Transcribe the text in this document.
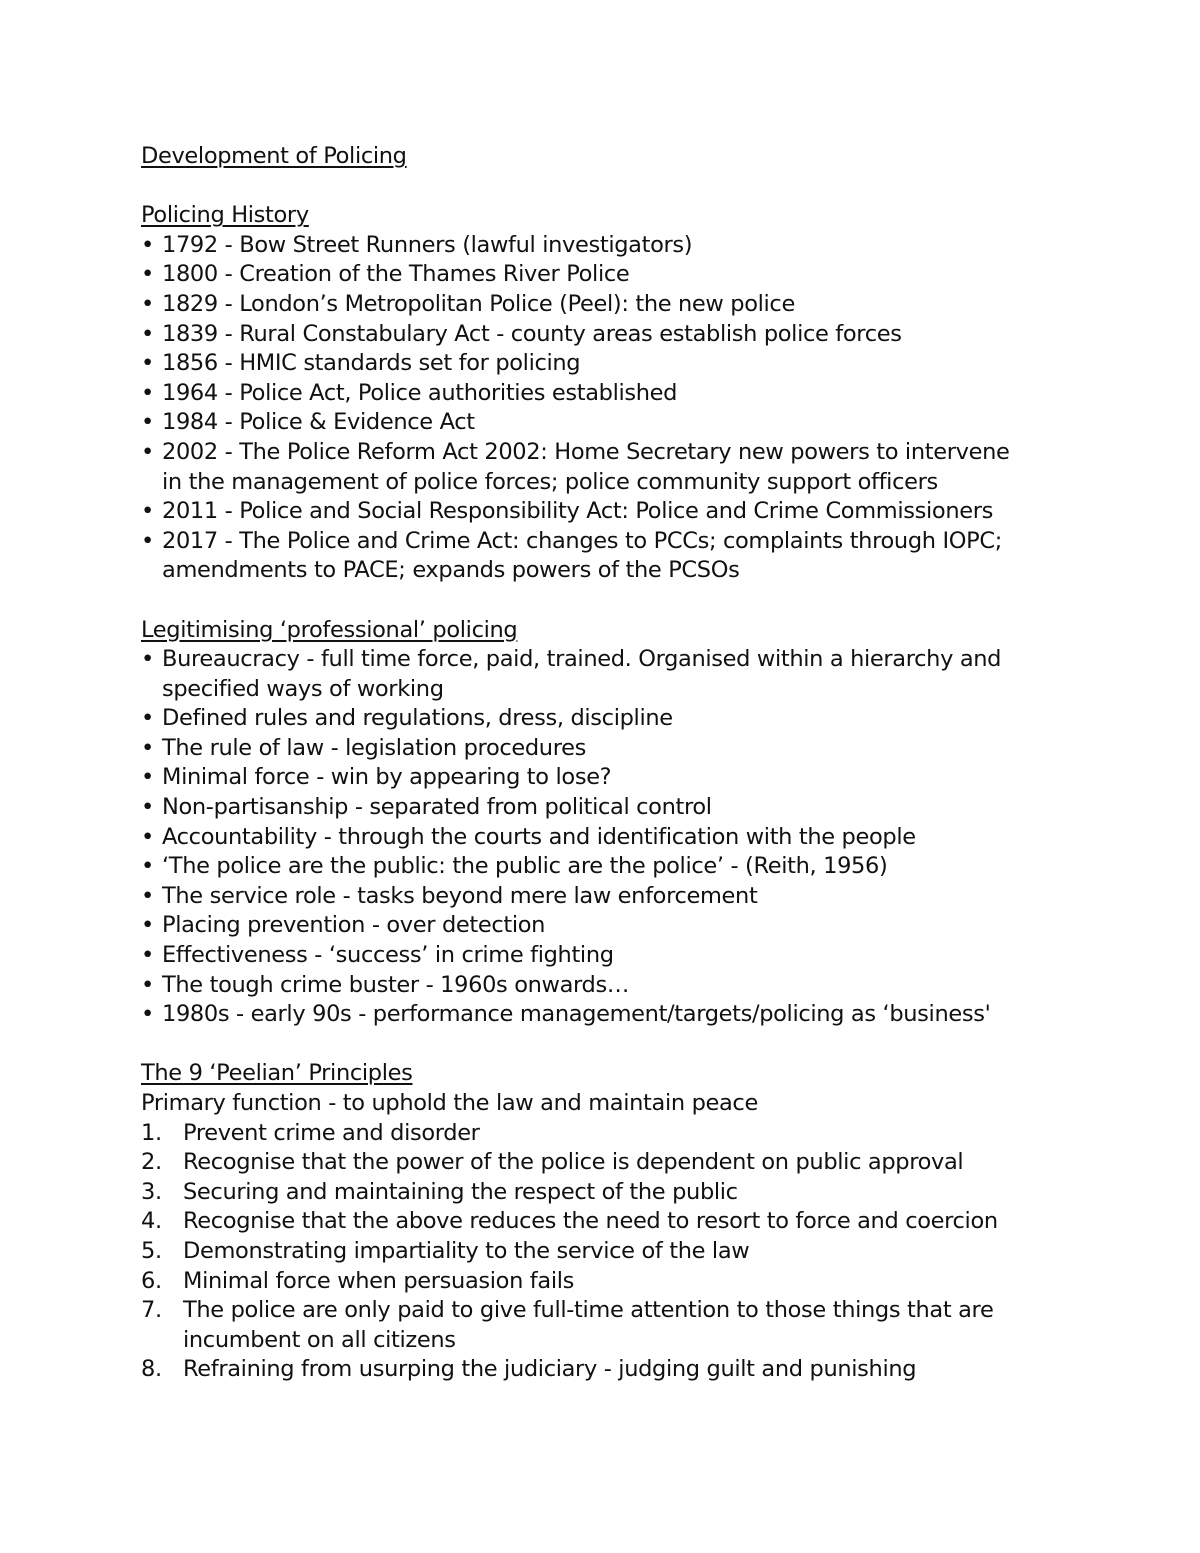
Development of Policing
Policing History
• 1792 - Bow Street Runners (lawful investigators)
• 1800 - Creation of the Thames River Police
• 1829 - London’s Metropolitan Police (Peel): the new police
• 1839 - Rural Constabulary Act - county areas establish police forces
• 1856 - HMIC standards set for policing
• 1964 - Police Act, Police authorities established
• 1984 - Police & Evidence Act
• 2002 - The Police Reform Act 2002: Home Secretary new powers to intervene
in the management of police forces; police community support officers
• 2011 - Police and Social Responsibility Act: Police and Crime Commissioners
• 2017 - The Police and Crime Act: changes to PCCs; complaints through IOPC;
amendments to PACE; expands powers of the PCSOs
Legitimising ‘professional’ policing
• Bureaucracy - full time force, paid, trained. Organised within a hierarchy and
specified ways of working
• Defined rules and regulations, dress, discipline
• The rule of law - legislation procedures
• Minimal force - win by appearing to lose?
• Non-partisanship - separated from political control
• Accountability - through the courts and identification with the people
• ‘The police are the public: the public are the police’ - (Reith, 1956)
• The service role - tasks beyond mere law enforcement
• Placing prevention - over detection
• Effectiveness - ‘success’ in crime fighting
• The tough crime buster - 1960s onwards…
• 1980s - early 90s - performance management/targets/policing as ‘business'
The 9 ‘Peelian’ Principles
Primary function - to uphold the law and maintain peace
1. Prevent crime and disorder
2. Recognise that the power of the police is dependent on public approval
3. Securing and maintaining the respect of the public
4. Recognise that the above reduces the need to resort to force and coercion
5. Demonstrating impartiality to the service of the law
6. Minimal force when persuasion fails
7. The police are only paid to give full-time attention to those things that are
incumbent on all citizens
8. Refraining from usurping the judiciary - judging guilt and punishing
